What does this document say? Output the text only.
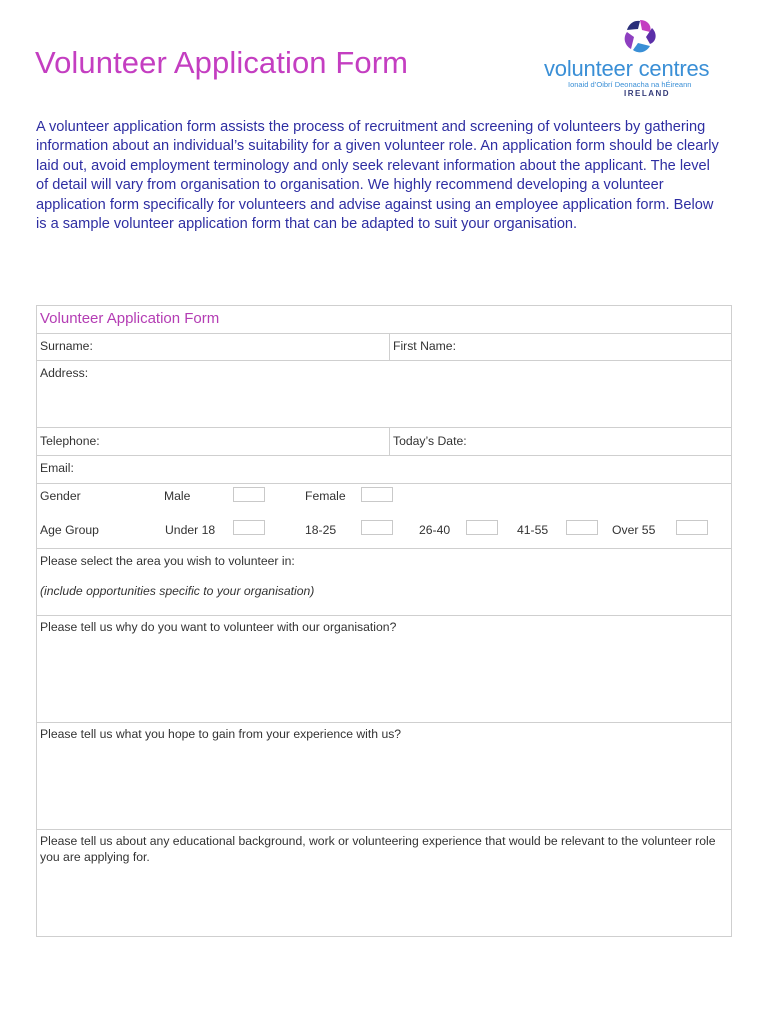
Volunteer Application Form	volunteer centres
Ionaid d’Oibrí Deonacha na hÉireann
IRELAND

A volunteer application form assists the process of recruitment and screening of volunteers by gathering information about an individual’s suitability for a given volunteer role. An application form should be clearly laid out, avoid employment terminology and only seek relevant information about the applicant. The level of detail will vary from organisation to organisation. We highly recommend developing a volunteer application form specifically for volunteers and advise against using an employee application form. Below is a sample volunteer application form that can be adapted to suit your organisation.

Volunteer Application Form
Surname:	First Name:
Address:
Telephone:	Today’s Date:
Email:
Gender	Male	Female
Age Group	Under 18	18-25	26-40	41-55	Over 55
Please select the area you wish to volunteer in:
(include opportunities specific to your organisation)
Please tell us why do you want to volunteer with our organisation?
Please tell us what you hope to gain from your experience with us?
Please tell us about any educational background, work or volunteering experience that would be relevant to the volunteer role you are applying for.
